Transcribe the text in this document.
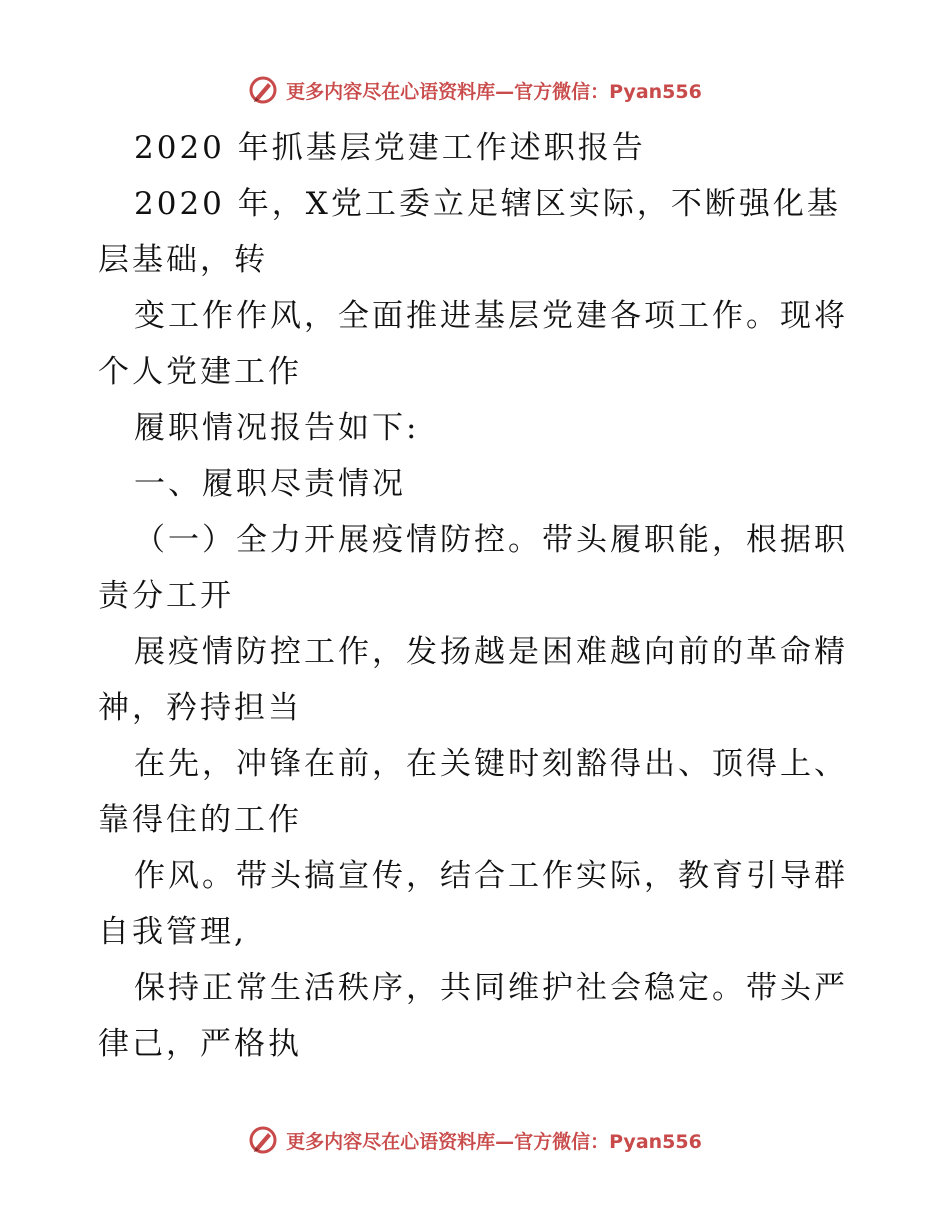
更多内容尽在心语资料库—官方微信：Pyan556
2020 年抓基层党建工作述职报告
2020 年，X党工委立足辖区实际，不断强化基
层基础，转
变工作作风，全面推进基层党建各项工作。现将
个人党建工作
履职情况报告如下:
一、履职尽责情况
（一）全力开展疫情防控。带头履职能，根据职
责分工开
展疫情防控工作，发扬越是困难越向前的革命精
神，矜持担当
在先，冲锋在前，在关键时刻豁得出、顶得上、
靠得住的工作
作风。带头搞宣传，结合工作实际，教育引导群
自我管理,
保持正常生活秩序，共同维护社会稳定。带头严
律己，严格执
更多内容尽在心语资料库—官方微信：Pyan556
